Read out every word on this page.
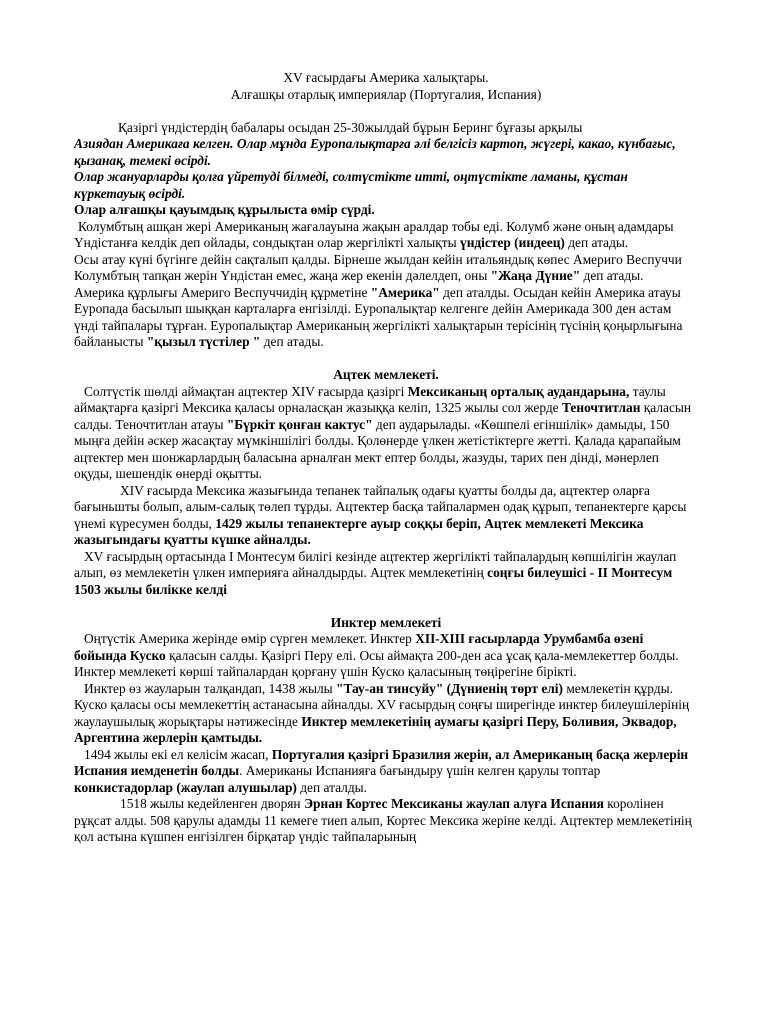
XV ғасырдағы Америка халықтары.

Алғашқы отарлық империялар (Португалия, Испания)

Қазіргі үндістердің бабалары осыдан 25-30жылдай бұрын Беринг бұғазы арқылы
Азиядан Америкаға келген. Олар мұнда Еуропалықтарға әлі белгісіз картоп, жүгері, какао, күнбағыс, қызанақ, темекі өсірді.

Олар жануарларды қолға үйретуді білмеді, солтүстікте итті, оңтүстікте ламаны, құстан күркетауық өсірді.

Олар алғашқы қауымдық құрылыста өмір сүрді.

Колумбтың ашқан жері Американың жағалауына жақын аралдар тобы еді. Колумб және оның адамдары Үндістанға келдік деп ойлады, сондықтан олар жергілікті халықты үндістер (индеец) деп атады.

Осы атау күні бүгінге дейін сақталып қалды. Бірнеше жылдан кейін итальяндық көпес Америго Веспуччи Колумбтың тапқан жерін Үндістан емес, жаңа жер екенін дәлелдеп, оны "Жаңа Дүние" деп атады.

Америка құрлығы Америго Веспуччидің құрметіне "Америка" деп аталды. Осыдан кейін Америка атауы Еуропада басылып шыққан карталарға енгізілді. Еуропалықтар келгенге дейін Америкада 300 ден астам үнді тайпалары тұрған. Еуропалықтар Американың жергілікті халықтарын терісінің түсінің қоңырлығына байланысты "қызыл түстілер " деп атады.

Ацтек мемлекеті.

Солтүстік шөлді аймақтан ацтектер XIV ғасырда қазіргі Мексиканың орталық аудандарына, таулы аймақтарға қазіргі Мексика қаласы орналасқан жазыққа келіп, 1325 жылы сол жерде Теночтитлан қаласын салды. Теночтитлан атауы "Бүркіт қонған кактус" деп аударылады. «Көшпелі егіншілік» дамыды, 150 мыңға дейін әскер жасақтау мүмкіншілігі болды. Қолөнерде үлкен жетістіктерге жетті. Қалада қарапайым ацтектер мен шонжарлардың баласына арналған мект ептер болды, жазуды, тарих пен дінді, мәнерлеп оқуды, шешендік өнерді оқытты.

XIV ғасырда Мексика жазығында тепанек тайпалық одағы қуатты болды да, ацтектер оларға бағыньшты болып, алым-салық төлеп тұрды. Ацтектер басқа тайпалармен одақ құрып, тепанектерге қарсы үнемі күресумен болды, 1429 жылы тепанектерге ауыр соққы беріп, Ацтек мемлекеті Мексика жазығындағы қуатты күшке айналды.

XV ғасырдың ортасында І Монтесум билігі кезінде ацтектер жергілікті тайпалардың көпшілігін жаулап алып, өз мемлекетін үлкен империяға айналдырды. Ацтек мемлекетінің соңғы билеушісі - ІІ Монтесум 1503 жылы билікке келді

Инктер мемлекеті

Оңтүстік Америка жерінде өмір сүрген мемлекет. Инктер XII-XIII ғасырларда Урумбамба өзені бойында Куско қаласын салды. Қазіргі Перу елі. Осы аймақта 200-ден аса ұсақ қала-мемлекеттер болды. Инктер мемлекеті көрші тайпалардан қорғану үшін Куско қаласының төңірегіне бірікті.

Инктер өз жауларын талқандап, 1438 жылы "Тау-ан тинсуйу" (Дүниенің төрт елі) мемлекетін құрды. Куско қаласы осы мемлекеттің астанасына айналды. XV ғасырдың соңғы ширегінде инктер билеушілерінің жаулаушылық жорықтары нәтижесінде Инктер мемлекетінің аумағы қазіргі Перу, Боливия, Эквадор, Аргентина жерлерін қамтыды.

1494 жылы екі ел келісім жасап, Португалия қазіргі Бразилия жерін, ал Американың басқа жерлерін Испания иемденетін болды. Американы Испанияға бағындыру үшін келген қарулы топтар конкистадорлар (жаулап алушылар) деп аталды.

1518 жылы кедейленген дворян Эрнан Кортес Мексиканы жаулап алуға Испания королінен рұқсат алды. 508 қарулы адамды 11 кемеге тиеп алып, Кортес Мексика жеріне келді. Ацтектер мемлекетінің қол астына күшпен енгізілген бірқатар үндіс тайпаларының
